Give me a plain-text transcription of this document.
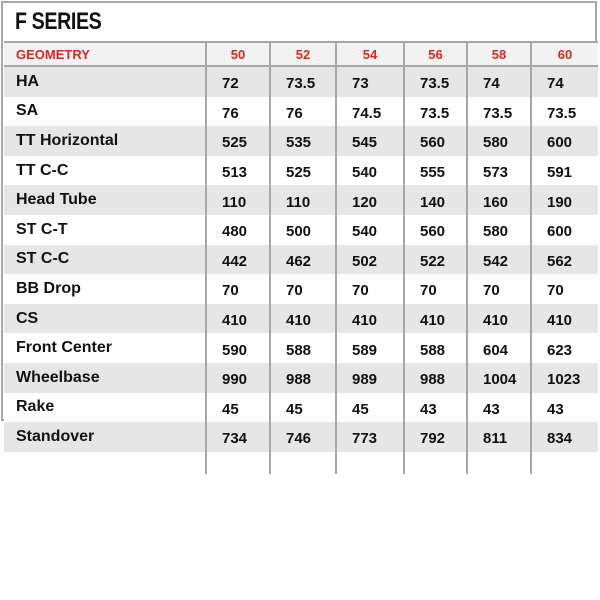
F SERIES
GEOMETRY	50	52	54	56	58	60
HA	72	73.5	73	73.5	74	74
SA	76	76	74.5	73.5	73.5	73.5
TT Horizontal	525	535	545	560	580	600
TT C-C	513	525	540	555	573	591
Head Tube	110	110	120	140	160	190
ST C-T	480	500	540	560	580	600
ST C-C	442	462	502	522	542	562
BB Drop	70	70	70	70	70	70
CS	410	410	410	410	410	410
Front Center	590	588	589	588	604	623
Wheelbase	990	988	989	988	1004	1023
Rake	45	45	45	43	43	43
Standover	734	746	773	792	811	834
